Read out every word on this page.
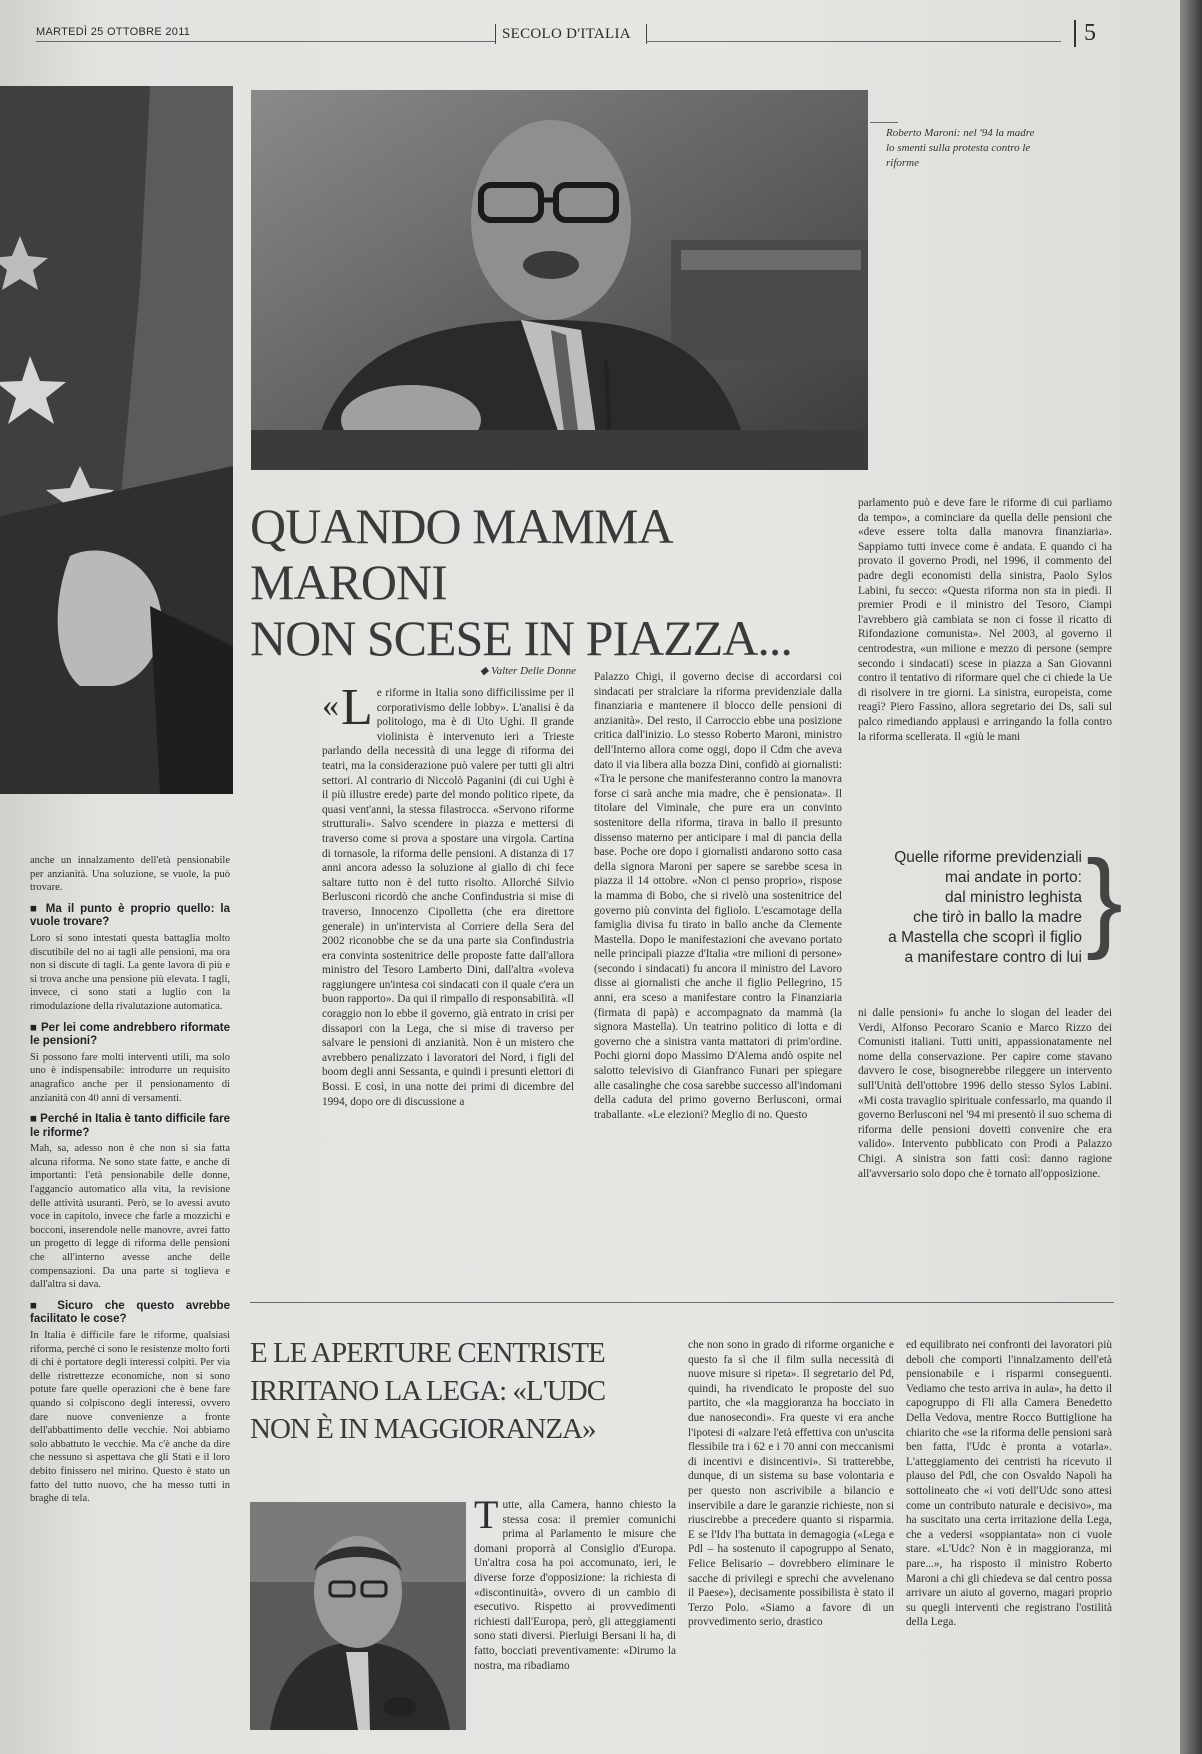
MARTEDÌ 25 OTTOBRE 2011	SECOLO D'ITALIA	5
Roberto Maroni: nel '94 la madre lo smentì sulla protesta contro le riforme
QUANDO MAMMA MARONI
NON SCESE IN PIAZZA...
◆ Valter Delle Donne
« L e riforme in Italia sono difficilissime per il corporativismo delle lobby». L'analisi è da politologo, ma è di Uto Ughi. Il grande violinista è intervenuto ieri a Trieste parlando della necessità di una legge di riforma dei teatri, ma la considerazione può valere per tutti gli altri settori. Al contrario di Niccolò Paganini (di cui Ughi è il più illustre erede) parte del mondo politico ripete, da quasi vent'anni, la stessa filastrocca. «Servono riforme strutturali». Salvo scendere in piazza e mettersi di traverso come si prova a spostare una virgola. Cartina di tornasole, la riforma delle pensioni. A distanza di 17 anni ancora adesso la soluzione al giallo di chi fece saltare tutto non è del tutto risolto. Allorché Silvio Berlusconi ricordò che anche Confindustria si mise di traverso, Innocenzo Cipolletta (che era direttore generale) in un'intervista al Corriere della Sera del 2002 riconobbe che se da una parte sia Confindustria era convinta sostenitrice delle proposte fatte dall'allora ministro del Tesoro Lamberto Dini, dall'altra «voleva raggiungere un'intesa coi sindacati con il quale c'era un buon rapporto». Da qui il rimpallo di responsabilità. «Il coraggio non lo ebbe il governo, già entrato in crisi per dissapori con la Lega, che si mise di traverso per salvare le pensioni di anzianità. Non è un mistero che avrebbero penalizzato i lavoratori del Nord, i figli del boom degli anni Sessanta, e quindi i presunti elettori di Bossi. E così, in una notte dei primi di dicembre del 1994, dopo ore di discussione a
Palazzo Chigi, il governo decise di accordarsi coi sindacati per stralciare la riforma previdenziale dalla finanziaria e mantenere il blocco delle pensioni di anzianità». Del resto, il Carroccio ebbe una posizione critica dall'inizio. Lo stesso Roberto Maroni, ministro dell'Interno allora come oggi, dopo il Cdm che aveva dato il via libera alla bozza Dini, confidò ai giornalisti: «Tra le persone che manifesteranno contro la manovra forse ci sarà anche mia madre, che è pensionata». Il titolare del Viminale, che pure era un convinto sostenitore della riforma, tirava in ballo il presunto dissenso materno per anticipare i mal di pancia della base. Poche ore dopo i giornalisti andarono sotto casa della signora Maroni per sapere se sarebbe scesa in piazza il 14 ottobre. «Non ci penso proprio», rispose la mamma di Bobo, che si rivelò una sostenitrice del governo più convinta del figliolo. L'escamotage della famiglia divisa fu tirato in ballo anche da Clemente Mastella. Dopo le manifestazioni che avevano portato nelle principali piazze d'Italia «tre milioni di persone» (secondo i sindacati) fu ancora il ministro del Lavoro disse ai giornalisti che anche il figlio Pellegrino, 15 anni, era sceso a manifestare contro la Finanziaria (firmata di papà) e accompagnato da mammà (la signora Mastella). Un teatrino politico di lotta e di governo che a sinistra vanta mattatori di prim'ordine. Pochi giorni dopo Massimo D'Alema andò ospite nel salotto televisivo di Gianfranco Funari per spiegare alle casalinghe che cosa sarebbe successo all'indomani della caduta del primo governo Berlusconi, ormai traballante. «Le elezioni? Meglio di no. Questo
parlamento può e deve fare le riforme di cui parliamo da tempo», a cominciare da quella delle pensioni che «deve essere tolta dalla manovra finanziaria». Sappiamo tutti invece come è andata. E quando ci ha provato il governo Prodi, nel 1996, il commento del padre degli economisti della sinistra, Paolo Sylos Labini, fu secco: «Questa riforma non sta in piedi. Il premier Prodi e il ministro del Tesoro, Ciampi l'avrebbero già cambiata se non ci fosse il ricatto di Rifondazione comunista». Nel 2003, al governo il centrodestra, «un milione e mezzo di persone (sempre secondo i sindacati) scese in piazza a San Giovanni contro il tentativo di riformare quel che ci chiede la Ue di risolvere in tre giorni. La sinistra, europeista, come reagì? Piero Fassino, allora segretario dei Ds, salì sul palco rimediando applausi e arringando la folla contro la riforma scellerata. Il «giù le mani
Quelle riforme previdenziali
mai andate in porto:
dal ministro leghista
che tirò in ballo la madre
a Mastella che scoprì il figlio
a manifestare contro di lui }
ni dalle pensioni» fu anche lo slogan del leader dei Verdi, Alfonso Pecoraro Scanio e Marco Rizzo dei Comunisti italiani. Tutti uniti, appassionatamente nel nome della conservazione. Per capire come stavano davvero le cose, bisognerebbe rileggere un intervento sull'Unità dell'ottobre 1996 dello stesso Sylos Labini. «Mi costa travaglio spirituale confessarlo, ma quando il governo Berlusconi nel '94 mi presentò il suo schema di riforma delle pensioni dovetti convenire che era valido». Intervento pubblicato con Prodi a Palazzo Chigi. A sinistra son fatti così: danno ragione all'avversario solo dopo che è tornato all'opposizione.

anche un innalzamento dell'età pensionabile per anzianità. Una soluzione, se vuole, la può trovare.

■ Ma il punto è proprio quello: la vuole trovare?

Loro si sono intestati questa battaglia molto discutibile del no ai tagli alle pensioni, ma ora non si discute di tagli. La gente lavora di più e si trova anche una pensione più elevata. I tagli, invece, ci sono stati a luglio con la rimodulazione della rivalutazione automatica.

■ Per lei come andrebbero riformate le pensioni?

Si possono fare molti interventi utili, ma solo uno è indispensabile: introdurre un requisito anagrafico anche per il pensionamento di anzianità con 40 anni di versamenti.

■ Perché in Italia è tanto difficile fare le riforme?

Mah, sa, adesso non è che non si sia fatta alcuna riforma. Ne sono state fatte, e anche di importanti: l'età pensionabile delle donne, l'aggancio automatico alla vita, la revisione delle attività usuranti. Però, se lo avessi avuto voce in capitolo, invece che farle a mozzichi e bocconi, inserendole nelle manovre, avrei fatto un progetto di legge di riforma delle pensioni che all'interno avesse anche delle compensazioni. Da una parte si toglieva e dall'altra si dava.

■ Sicuro che questo avrebbe facilitato le cose?

In Italia è difficile fare le riforme, qualsiasi riforma, perché ci sono le resistenze molto forti di chi è portatore degli interessi colpiti. Per via delle ristrettezze economiche, non si sono potute fare quelle operazioni che è bene fare quando si colpiscono degli interessi, ovvero dare nuove convenienze a fronte dell'abbattimento delle vecchie. Noi abbiamo solo abbattuto le vecchie. Ma c'è anche da dire che nessuno si aspettava che gli Stati e il loro debito finissero nel mirino. Questo è stato un fatto del tutto nuovo, che ha messo tutti in braghe di tela.

E LE APERTURE CENTRISTE
IRRITANO LA LEGA: «L'UDC
NON È IN MAGGIORANZA»
T utte, alla Camera, hanno chiesto la stessa cosa: il premier comunichi prima al Parlamento le misure che domani proporrà al Consiglio d'Europa. Un'altra cosa ha poi accomunato, ieri, le diverse forze d'opposizione: la richiesta di «discontinuità», ovvero di un cambio di esecutivo. Rispetto ai provvedimenti richiesti dall'Europa, però, gli atteggiamenti sono stati diversi. Pierluigi Bersani li ha, di fatto, bocciati preventivamente: «Dirumo la nostra, ma ribadiamo
che non sono in grado di riforme organiche e questo fa sì che il film sulla necessità di nuove misure si ripeta». Il segretario del Pd, quindi, ha rivendicato le proposte del suo partito, che «la maggioranza ha bocciato in due nanosecondi». Fra queste vi era anche l'ipotesi di «alzare l'età effettiva con un'uscita flessibile tra i 62 e i 70 anni con meccanismi di incentivi e disincentivi». Si tratterebbe, dunque, di un sistema su base volontaria e per questo non ascrivibile a bilancio e inservibile a dare le garanzie richieste, non si riuscirebbe a precedere quanto si risparmia. E se l'Idv l'ha buttata in demagogia («Lega e Pdl – ha sostenuto il capogruppo al Senato, Felice Belisario – dovrebbero eliminare le sacche di privilegi e sprechi che avvelenano il Paese»), decisamente possibilista è stato il Terzo Polo. «Siamo a favore di un provvedimento serio, drastico
ed equilibrato nei confronti dei lavoratori più deboli che comporti l'innalzamento dell'età pensionabile e i risparmi conseguenti. Vediamo che testo arriva in aula», ha detto il capogruppo di Fli alla Camera Benedetto Della Vedova, mentre Rocco Buttiglione ha chiarito che «se la riforma delle pensioni sarà ben fatta, l'Udc è pronta a votarla». L'atteggiamento dei centristi ha ricevuto il plauso del Pdl, che con Osvaldo Napoli ha sottolineato che «i voti dell'Udc sono attesi come un contributo naturale e decisivo», ma ha suscitato una certa irritazione della Lega, che a vedersi «soppiantata» non ci vuole stare. «L'Udc? Non è in maggioranza, mi pare...», ha risposto il ministro Roberto Maroni a chi gli chiedeva se dal centro possa arrivare un aiuto al governo, magari proprio su quegli interventi che registrano l'ostilità della Lega.
